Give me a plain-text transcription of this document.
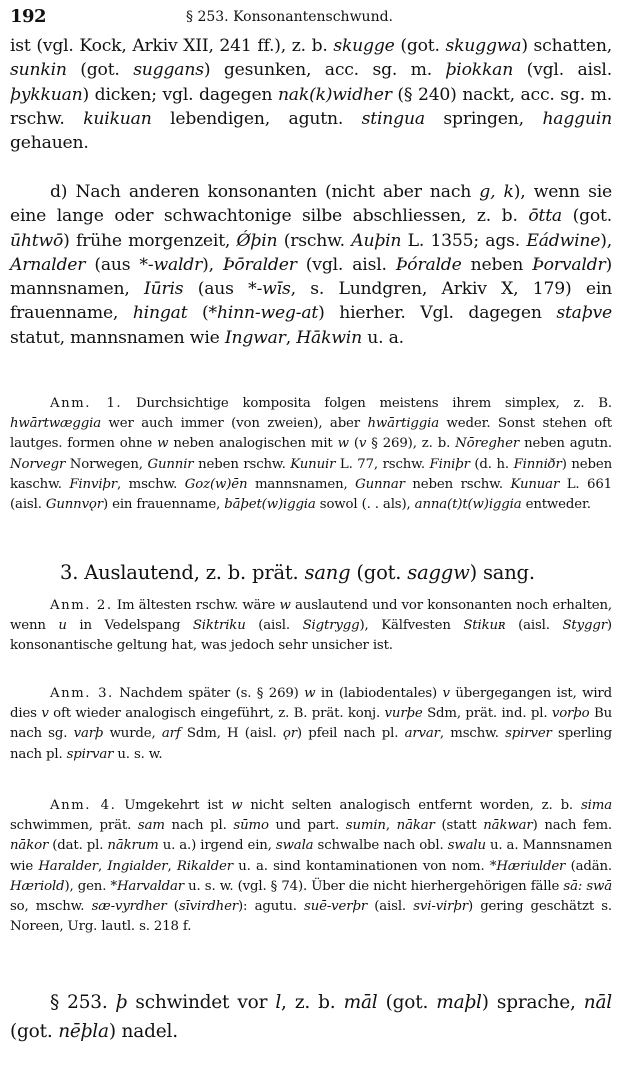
192	§ 253. Konsonantenschwund.

ist (vgl. Kock, Arkiv XII, 241 ff.), z. b. skugge (got. skuggwa) schatten, sunkin (got. suggans) gesunken, acc. sg. m. þiokkan (vgl. aisl. þykkuan) dicken; vgl. dagegen nak(k)widher (§ 240) nackt, acc. sg. m. rschw. kuikuan lebendigen, agutn. stingua springen, hagguin gehauen.

d) Nach anderen konsonanten (nicht aber nach g, k), wenn sie eine lange oder schwachtonige silbe abschliessen, z. b. ōtta (got. ūhtwō) frühe morgenzeit, Ǿþin (rschw. Auþin L. 1355; ags. Eádwine), Arnalder (aus *-waldr), Þōralder (vgl. aisl. Þóralde neben Þorvaldr) mannsnamen, Iūris (aus *-wīs, s. Lundgren, Arkiv X, 179) ein frauenname, hingat (*hinn-weg-at) hierher. Vgl. dagegen staþve statut, mannsnamen wie Ingwar, Hākwin u. a.

Anm. 1. Durchsichtige komposita folgen meistens ihrem simplex, z. B. hwārtwæggia wer auch immer (von zweien), aber hwārtiggia weder. Sonst stehen oft lautges. formen ohne w neben analogischen mit w (v § 269), z. b. Nōregher neben agutn. Norvegr Norwegen, Gunnir neben rschw. Kunuir L. 77, rschw. Finiþr (d. h. Finniðr) neben kaschw. Finviþr, mschw. Goz(w)ēn mannsnamen, Gunnar neben rschw. Kunuar L. 661 (aisl. Gunnvǫr) ein frauenname, bāþet(w)iggia sowol (. . als), anna(t)t(w)iggia entweder.

3. Auslautend, z. b. prät. sang (got. saggw) sang.

Anm. 2. Im ältesten rschw. wäre w auslautend und vor konsonanten noch erhalten, wenn u in Vedelspang Siktriku (aisl. Sigtrygg), Kälfvesten Stikuʀ (aisl. Styggr) konsonantische geltung hat, was jedoch sehr unsicher ist.

Anm. 3. Nachdem später (s. § 269) w in (labiodentales) v übergegangen ist, wird dies v oft wieder analogisch eingeführt, z. B. prät. konj. vurþe Sdm, prät. ind. pl. vorþo Bu nach sg. varþ wurde, arf Sdm, H (aisl. ǫr) pfeil nach pl. arvar, mschw. spirver sperling nach pl. spirvar u. s. w.

Anm. 4. Umgekehrt ist w nicht selten analogisch entfernt worden, z. b. sima schwimmen, prät. sam nach pl. sūmo und part. sumin, nākar (statt nākwar) nach fem. nākor (dat. pl. nākrum u. a.) irgend ein, swala schwalbe nach obl. swalu u. a. Mannsnamen wie Haralder, Ingialder, Rikalder u. a. sind kontaminationen von nom. *Hæriulder (adän. Hæriold), gen. *Harvaldar u. s. w. (vgl. § 74). Über die nicht hierhergehörigen fälle sā: swā so, mschw. sæ-vyrdher (sīvirdher): agutu. suē-verþr (aisl. svi-virþr) gering geschätzt s. Noreen, Urg. lautl. s. 218 f.

§ 253. þ schwindet vor l, z. b. māl (got. maþl) sprache, nāl (got. nēþla) nadel.
